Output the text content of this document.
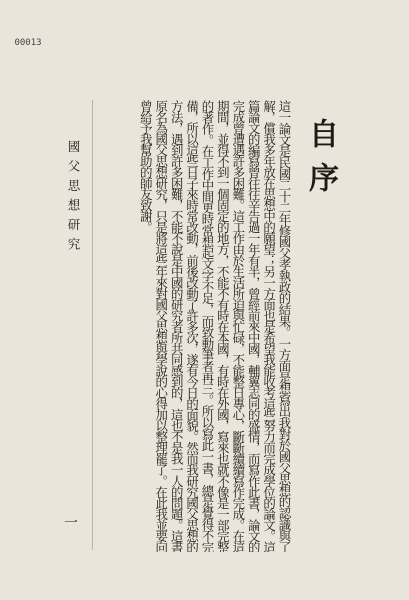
00013
自序
這一論文是民國二十二年修國父孝執政的結果。一方面是想寫出我對於國父思想的認識與了解，償我多年放在思想中的願望；另一方面也是希望我能收考這些努力而完成學位的論文。這篇論文的編寫曾往往辛告過一年有半，曾經前來中國，輔翼志同的盛情，而寫作此書，論文的完成曾遭遇許多困難。這工作由於生活所迫與忙碌，不能整日專心，斷斷續續寫作完成。在這期間，並得不到一個固定的地方，不能不有時在本國，有時在外國，寫來也就不像是一部完整的著作。在工作中間更時常想起文字不足，而致動筆者再三。所以寫此一書，總是覺得不完備，所以這些日子來時常改動，前後改動了許多次，遂有今日的面貌。然而我研究國父思想的方法，遇到許多困難，不能不說是中國的研究者所共同感到的，這也不是我一人的問題。這書原名為國父思想研究，只是將這些年來對國父思想與學說的心得加以整理罷了。在此我並要向曾給予我幫助的師友致謝。
國父思想研究
一
